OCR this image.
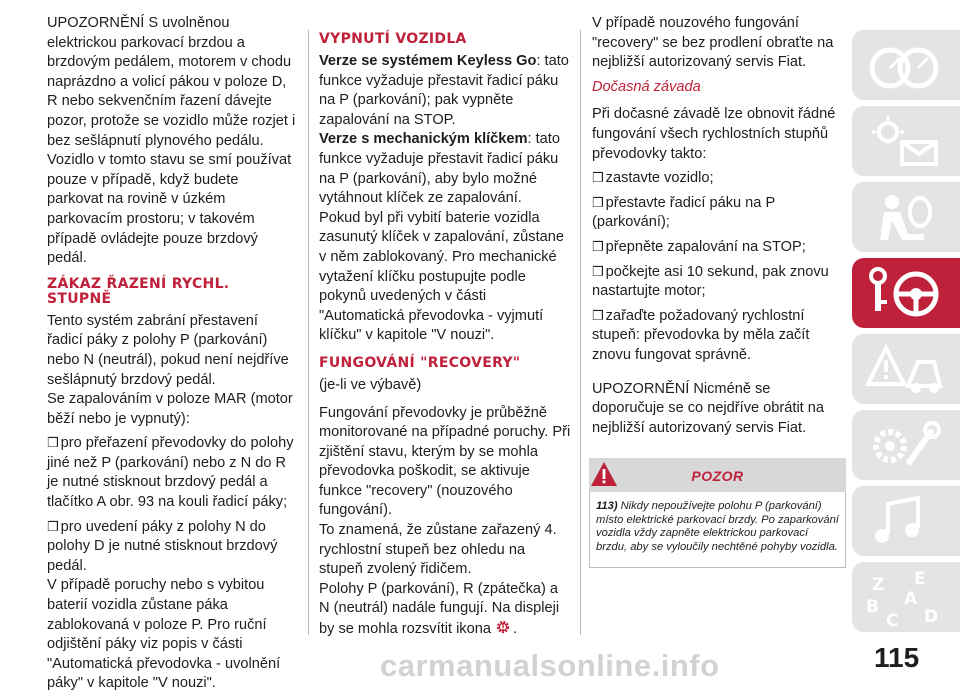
UPOZORNĚNÍ S uvolněnou elektrickou parkovací brzdou a brzdovým pedálem, motorem v chodu naprázdno a volicí pákou v poloze D, R nebo sekvenčním řazení dávejte pozor, protože se vozidlo může rozjet i bez sešlápnutí plynového pedálu. Vozidlo v tomto stavu se smí používat pouze v případě, když budete parkovat na rovině v úzkém parkovacím prostoru; v takovém případě ovládejte pouze brzdový pedál.

ZÁKAZ ŘAZENÍ RYCHL. STUPNĚ

Tento systém zabrání přestavení řadicí páky z polohy P (parkování) nebo N (neutrál), pokud není nejdříve sešlápnutý brzdový pedál.

Se zapalováním v poloze MAR (motor běží nebo je vypnutý):

❒ pro přeřazení převodovky do polohy jiné než P (parkování) nebo z N do R je nutné stisknout brzdový pedál a tlačítko A obr. 93 na kouli řadicí páky;

❒ pro uvedení páky z polohy N do polohy D je nutné stisknout brzdový pedál.

V případě poruchy nebo s vybitou baterií vozidla zůstane páka zablokovaná v poloze P. Pro ruční odjištění páky viz popis v části "Automatická převodovka - uvolnění páky" v kapitole "V nouzi".

VYPNUTÍ VOZIDLA

Verze se systémem Keyless Go: tato funkce vyžaduje přestavit řadicí páku na P (parkování); pak vypněte zapalování na STOP.

Verze s mechanickým klíčkem: tato funkce vyžaduje přestavit řadicí páku na P (parkování), aby bylo možné vytáhnout klíček ze zapalování.

Pokud byl při vybití baterie vozidla zasunutý klíček v zapalování, zůstane v něm zablokovaný. Pro mechanické vytažení klíčku postupujte podle pokynů uvedených v části "Automatická převodovka - vyjmutí klíčku" v kapitole "V nouzi".

FUNGOVÁNÍ "RECOVERY"

(je-li ve výbavě)

Fungování převodovky je průběžně monitorované na případné poruchy. Při zjištění stavu, kterým by se mohla převodovka poškodit, se aktivuje funkce "recovery" (nouzového fungování).

To znamená, že zůstane zařazený 4. rychlostní stupeň bez ohledu na stupeň zvolený řidičem.

Polohy P (parkování), R (zpátečka) a N (neutrál) nadále fungují. Na displeji by se mohla rozsvítit ikona .

V případě nouzového fungování "recovery" se bez prodlení obraťte na nejbližší autorizovaný servis Fiat.

Dočasná závada

Při dočasné závadě lze obnovit řádné fungování všech rychlostních stupňů převodovky takto:

❒ zastavte vozidlo;

❒ přestavte řadicí páku na P (parkování);

❒ přepněte zapalování na STOP;

❒ počkejte asi 10 sekund, pak znovu nastartujte motor;

❒ zařaďte požadovaný rychlostní stupeň: převodovka by měla začít znovu fungovat správně.

UPOZORNĚNÍ Nicméně se doporučuje se co nejdříve obrátit na nejbližší autorizovaný servis Fiat.

POZOR
113) Nikdy nepoužívejte polohu P (parkování) místo elektrické parkovací brzdy. Po zaparkování vozidla vždy zapněte elektrickou parkovací brzdu, aby se vyloučily nechtěné pohyby vozidla.
Z E
B
C
A
D
carmanualsonline.info	115
